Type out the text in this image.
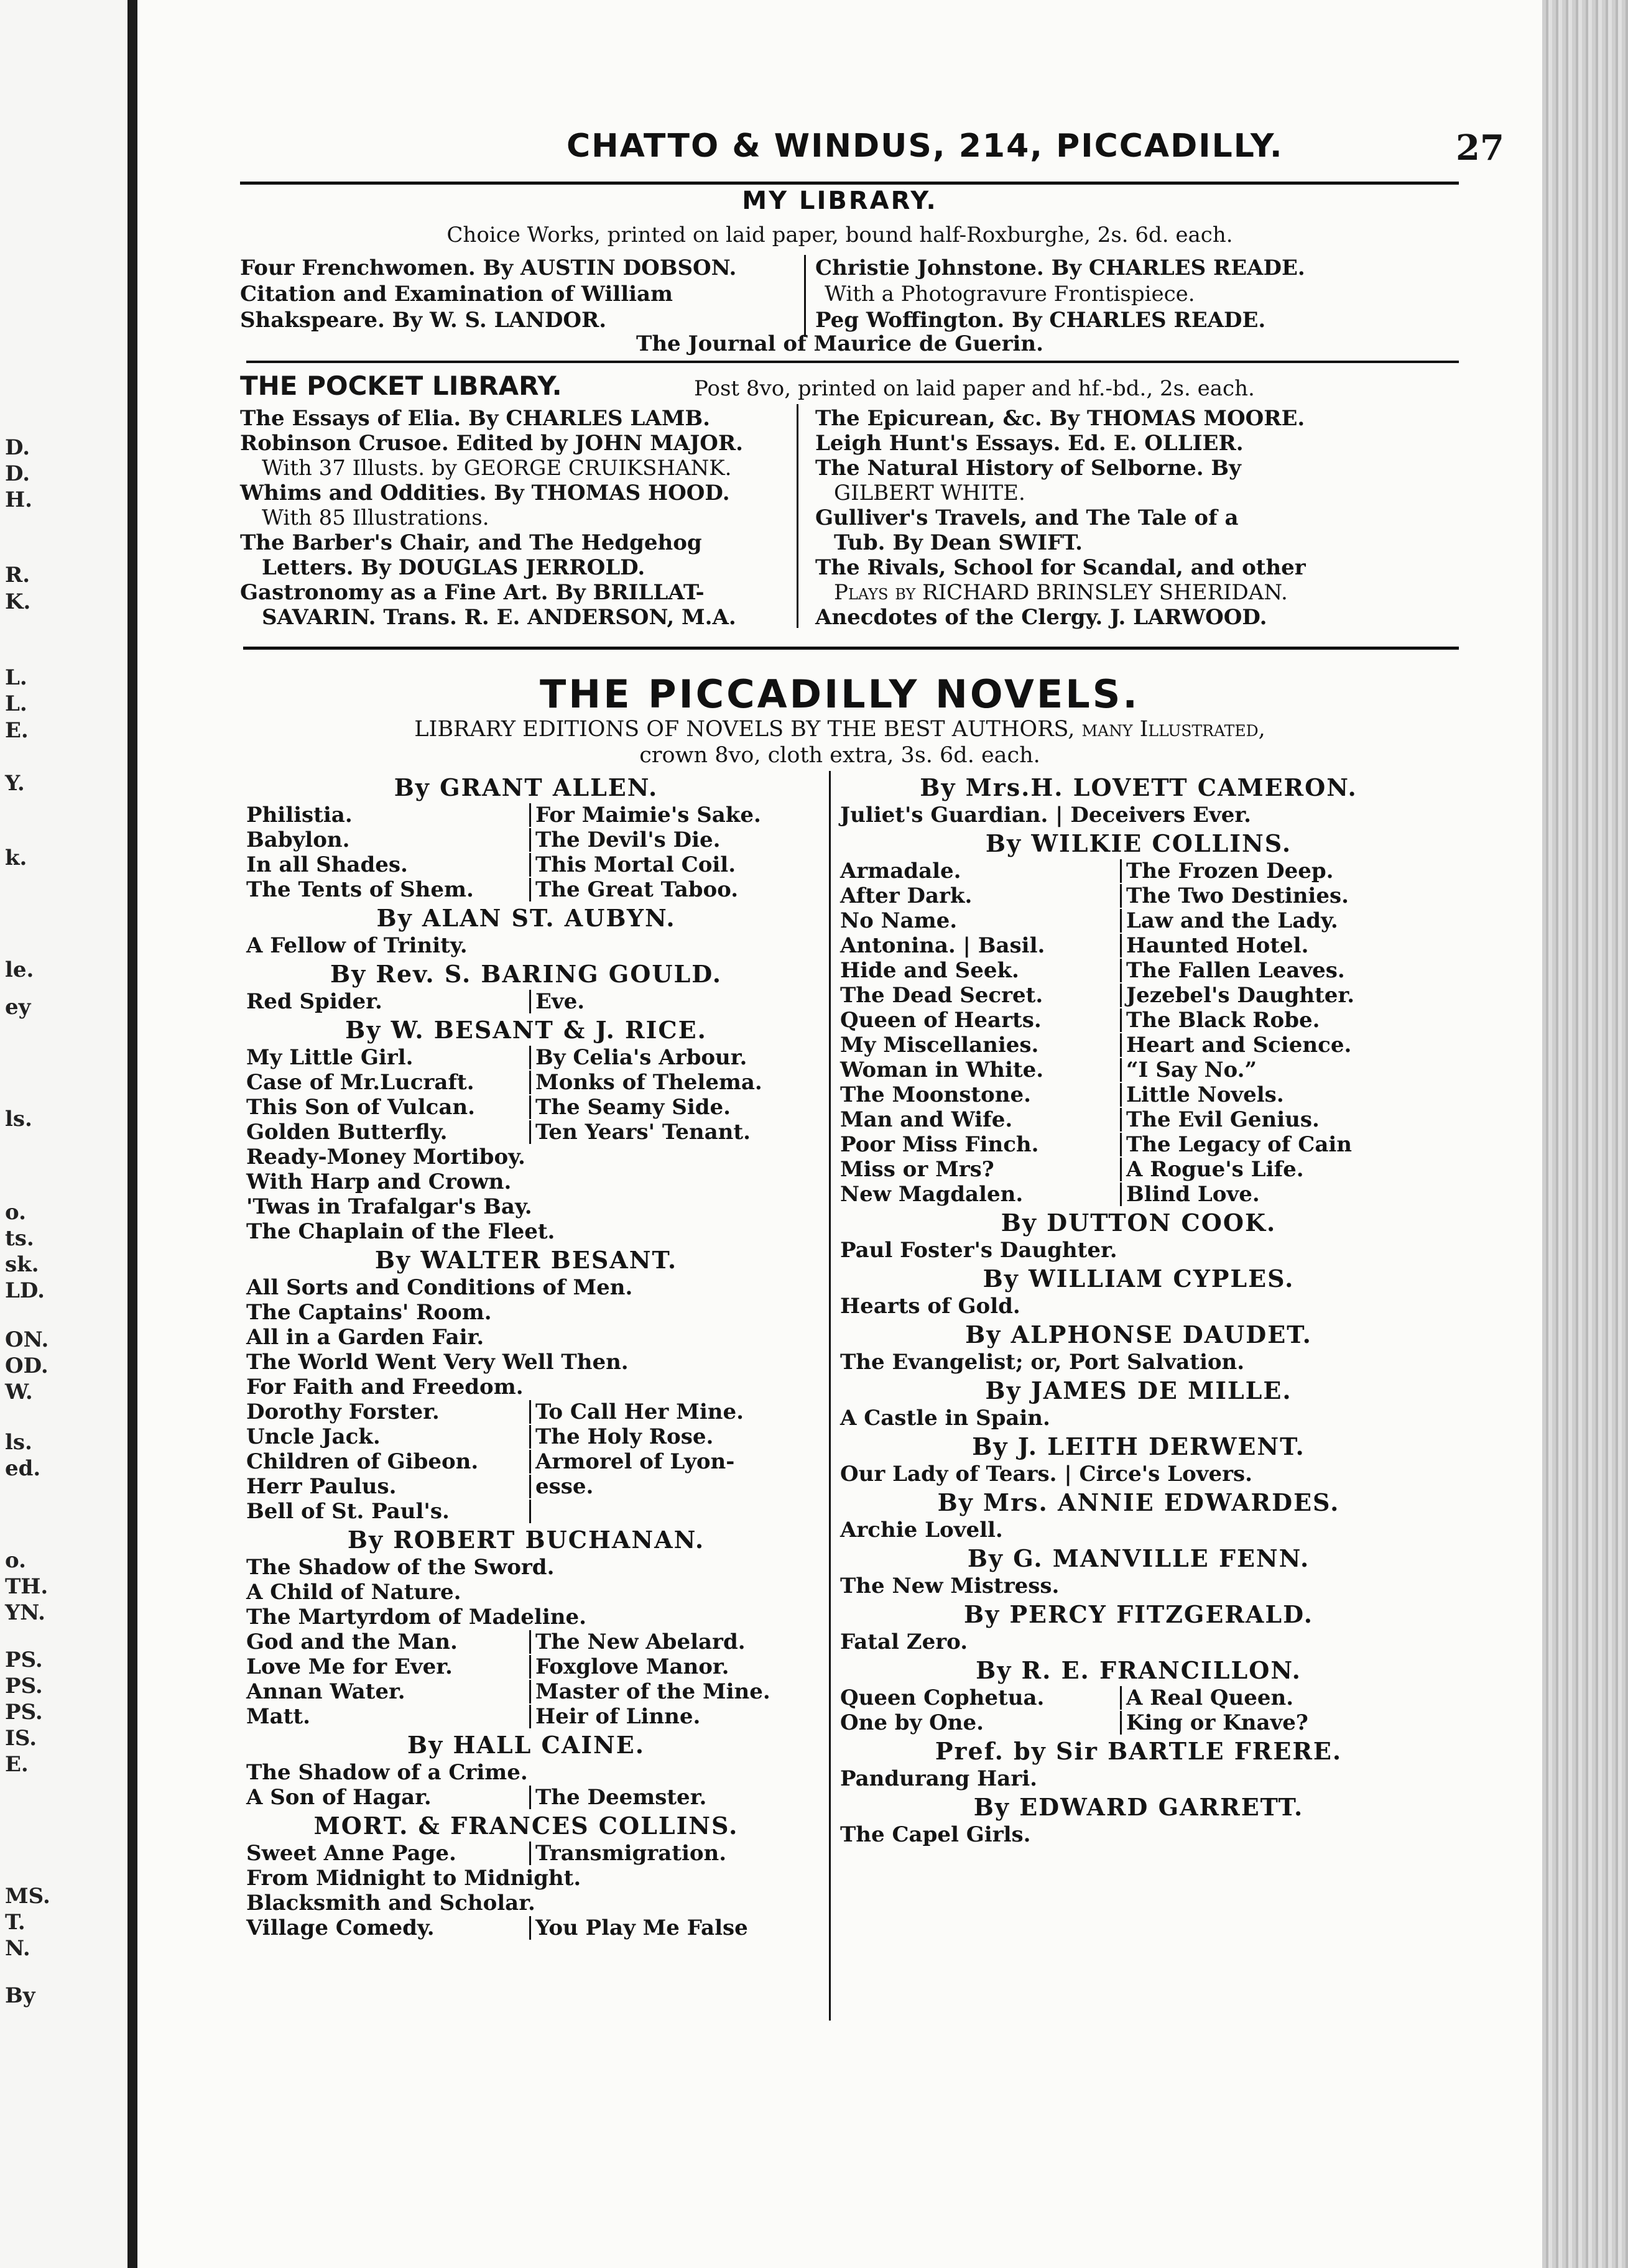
D.
D.
H.
R.
K.
L.
L.
E.
Y.
k.
le.
ey
ls.
o.
ts.
sk.
LD.
ON.
OD.
W.
ls.
ed.
o.
TH.
YN.
PS.
PS.
PS.
IS.
E.
MS.
T.
N.
By
CHATTO & WINDUS, 214, PICCADILLY.	27
MY LIBRARY.
Choice Works, printed on laid paper, bound half-Roxburghe, 2s. 6d. each.
Four Frenchwomen. By AUSTIN DOBSON.
Citation and Examination of William
Shakspeare. By W. S. LANDOR.
Christie Johnstone. By CHARLES READE.
With a Photogravure Frontispiece.
Peg Woffington. By CHARLES READE.
The Journal of Maurice de Guerin.
THE POCKET LIBRARY.	Post 8vo, printed on laid paper and hf.-bd., 2s. each.
The Essays of Elia. By CHARLES LAMB.
Robinson Crusoe. Edited by JOHN MAJOR.
With 37 Illusts. by GEORGE CRUIKSHANK.
Whims and Oddities. By THOMAS HOOD.
With 85 Illustrations.
The Barber's Chair, and The Hedgehog
Letters. By DOUGLAS JERROLD.
Gastronomy as a Fine Art. By BRILLAT-
SAVARIN. Trans. R. E. ANDERSON, M.A.
The Epicurean, &c. By THOMAS MOORE.
Leigh Hunt's Essays. Ed. E. OLLIER.
The Natural History of Selborne. By
GILBERT WHITE.
Gulliver's Travels, and The Tale of a
Tub. By Dean SWIFT.
The Rivals, School for Scandal, and other
Plays by RICHARD BRINSLEY SHERIDAN.
Anecdotes of the Clergy. J. LARWOOD.
THE PICCADILLY NOVELS.
LIBRARY EDITIONS OF NOVELS BY THE BEST AUTHORS, many Illustrated,
crown 8vo, cloth extra, 3s. 6d. each.
By GRANT ALLEN.
Philistia.	For Maimie's Sake.
Babylon.	The Devil's Die.
In all Shades.	This Mortal Coil.
The Tents of Shem.	The Great Taboo.
By ALAN ST. AUBYN.
A Fellow of Trinity.
By Rev. S. BARING GOULD.
Red Spider.	Eve.
By W. BESANT & J. RICE.
My Little Girl.	By Celia's Arbour.
Case of Mr.Lucraft.	Monks of Thelema.
This Son of Vulcan.	The Seamy Side.
Golden Butterfly.	Ten Years' Tenant.
Ready-Money Mortiboy.
With Harp and Crown.
'Twas in Trafalgar's Bay.
The Chaplain of the Fleet.
By WALTER BESANT.
All Sorts and Conditions of Men.
The Captains' Room.
All in a Garden Fair.
The World Went Very Well Then.
For Faith and Freedom.
Dorothy Forster.	To Call Her Mine.
Uncle Jack.	The Holy Rose.
Children of Gibeon.	Armorel of Lyon-
Herr Paulus.	esse.
Bell of St. Paul's.
By ROBERT BUCHANAN.
The Shadow of the Sword.
A Child of Nature.
The Martyrdom of Madeline.
God and the Man.	The New Abelard.
Love Me for Ever.	Foxglove Manor.
Annan Water.	Master of the Mine.
Matt.	Heir of Linne.
By HALL CAINE.
The Shadow of a Crime.
A Son of Hagar.	The Deemster.
MORT. & FRANCES COLLINS.
Sweet Anne Page.	Transmigration.
From Midnight to Midnight.
Blacksmith and Scholar.
Village Comedy.	You Play Me False
By Mrs.H. LOVETT CAMERON.
Juliet's Guardian. | Deceivers Ever.
By WILKIE COLLINS.
Armadale.	The Frozen Deep.
After Dark.	The Two Destinies.
No Name.	Law and the Lady.
Antonina. | Basil.	Haunted Hotel.
Hide and Seek.	The Fallen Leaves.
The Dead Secret.	Jezebel's Daughter.
Queen of Hearts.	The Black Robe.
My Miscellanies.	Heart and Science.
Woman in White.	“I Say No.”
The Moonstone.	Little Novels.
Man and Wife.	The Evil Genius.
Poor Miss Finch.	The Legacy of Cain
Miss or Mrs?	A Rogue's Life.
New Magdalen.	Blind Love.
By DUTTON COOK.
Paul Foster's Daughter.
By WILLIAM CYPLES.
Hearts of Gold.
By ALPHONSE DAUDET.
The Evangelist; or, Port Salvation.
By JAMES DE MILLE.
A Castle in Spain.
By J. LEITH DERWENT.
Our Lady of Tears. | Circe's Lovers.
By Mrs. ANNIE EDWARDES.
Archie Lovell.
By G. MANVILLE FENN.
The New Mistress.
By PERCY FITZGERALD.
Fatal Zero.
By R. E. FRANCILLON.
Queen Cophetua.	A Real Queen.
One by One.	King or Knave?
Pref. by Sir BARTLE FRERE.
Pandurang Hari.
By EDWARD GARRETT.
The Capel Girls.
